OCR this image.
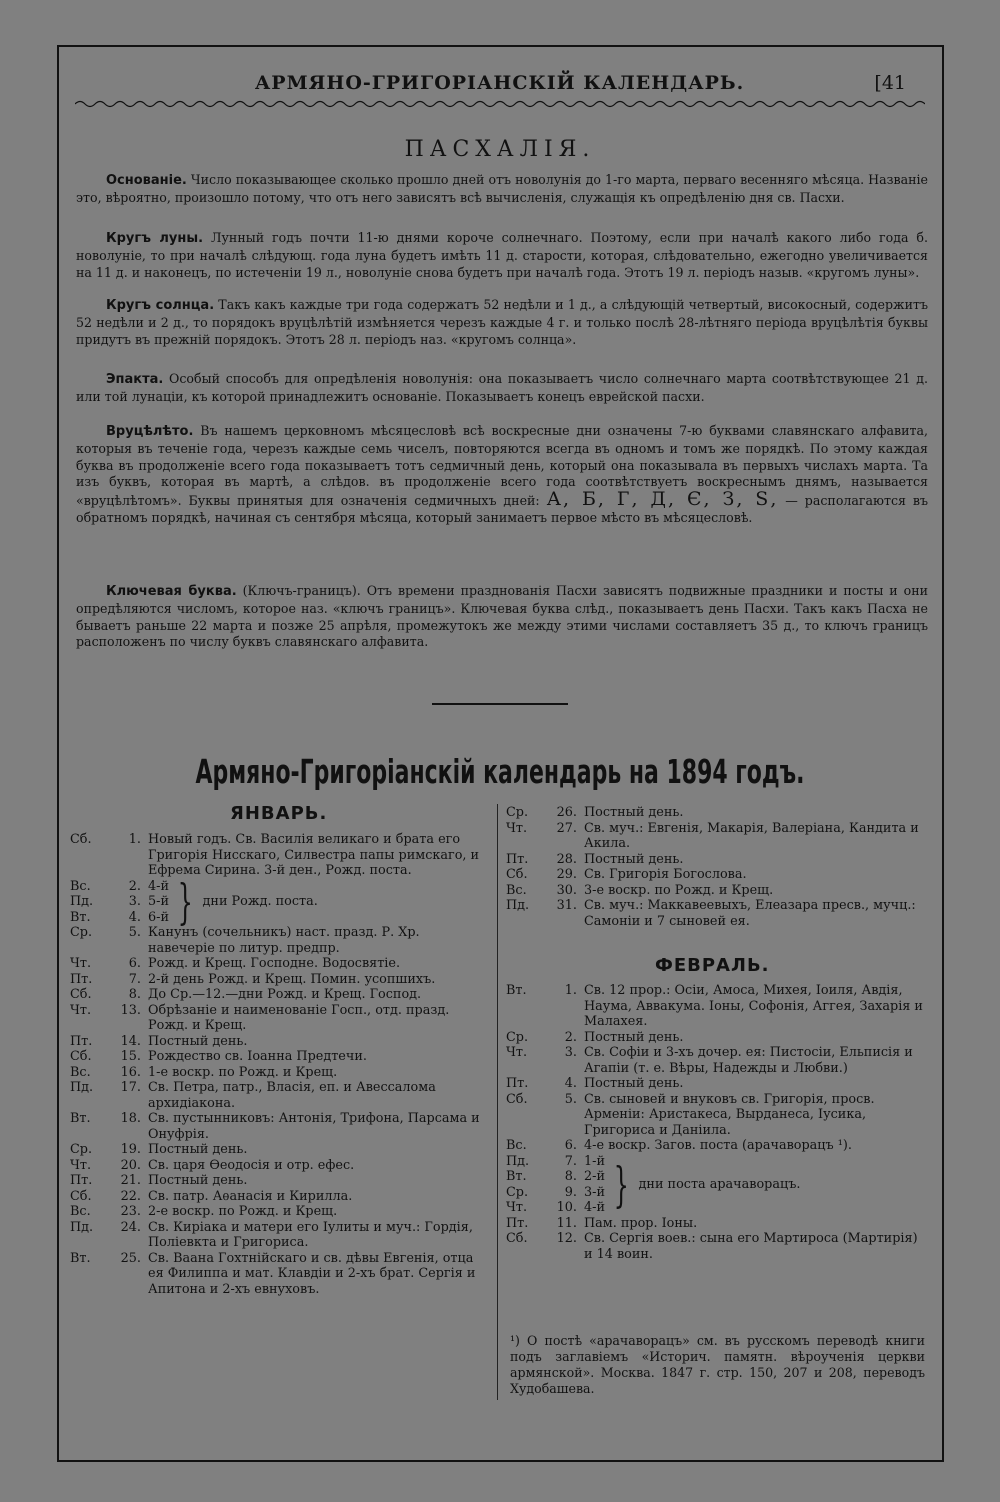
АРМЯНО-ГРИГОРІАНСКІЙ КАЛЕНДАРЬ.	[41
ПАСХАЛІЯ.
Основаніе. Число показывающее сколько прошло дней отъ новолунія до 1-го марта, перваго весенняго мѣсяца. Названіе это, вѣроятно, произошло потому, что отъ него зависятъ всѣ вычисленія, служащія къ опредѣленію дня св. Пасхи.
Кругъ луны. Лунный годъ почти 11-ю днями короче солнечнаго. Поэтому, если при началѣ какого либо года б. новолуніе, то при началѣ слѣдующ. года луна будетъ имѣть 11 д. старости, которая, слѣдовательно, ежегодно увеличивается на 11 д. и наконецъ, по истеченіи 19 л., новолуніе снова будетъ при началѣ года. Этотъ 19 л. періодъ назыв. «кругомъ луны».
Кругъ солнца. Такъ какъ каждые три года содержатъ 52 недѣли и 1 д., а слѣдующій четвертый, високосный, содержитъ 52 недѣли и 2 д., то порядокъ вруцѣлѣтій измѣняется черезъ каждые 4 г. и только послѣ 28-лѣтняго періода вруцѣлѣтія буквы придутъ въ прежній порядокъ. Этотъ 28 л. періодъ наз. «кругомъ солнца».
Эпакта. Особый способъ для опредѣленія новолунія: она показываетъ число солнечнаго марта соотвѣтствующее 21 д. или той лунаціи, къ которой принадлежитъ основаніе. Показываетъ конецъ еврейской пасхи.
Вруцѣлѣто. Въ нашемъ церковномъ мѣсяцесловѣ всѣ воскресные дни означены 7-ю буквами славянскаго алфавита, которыя въ теченіе года, черезъ каждые семь чиселъ, повторяются всегда въ одномъ и томъ же порядкѣ. По этому каждая буква въ продолженіе всего года показываетъ тотъ седмичный день, который она показывала въ первыхъ числахъ марта. Та изъ буквъ, которая въ мартѣ, а слѣдов. въ продолженіе всего года соотвѣтствуетъ воскреснымъ днямъ, называется «вруцѣлѣтомъ». Буквы принятыя для означенія седмичныхъ дней: А, Б, Г, Д, Є, З, Ѕ, — располагаются въ обратномъ порядкѣ, начиная съ сентября мѣсяца, который занимаетъ первое мѣсто въ мѣсяцесловѣ.
Ключевая буква. (Ключъ-границъ). Отъ времени празднованія Пасхи зависятъ подвижные праздники и посты и они опредѣляются числомъ, которое наз. «ключъ границъ». Ключевая буква слѣд., показываетъ день Пасхи. Такъ какъ Пасха не бываетъ раньше 22 марта и позже 25 апрѣля, промежутокъ же между этими числами составляетъ 35 д., то ключъ границъ расположенъ по числу буквъ славянскаго алфавита.
Армяно-Григоріанскій календарь на 1894 годъ.
ЯНВАРЬ.
Сб.	1. Новый годъ. Св. Василія великаго и брата его Григорія Нисскаго, Силвестра папы римскаго, и Ефрема Сирина. 3-й ден., Рожд. поста.
Вс.	2. 4-й
Пд.	3. 5-й
Вт.	4. 6-й } дни Рожд. поста.
Ср.	5. Канунъ (сочельникъ) наст. празд. Р. Хр. навечеріе по литур. предпр.
Чт.	6. Рожд. и Крещ. Господне. Водосвятіе.
Пт.	7. 2-й день Рожд. и Крещ. Помин. усопшихъ.
Сб.	8. До Ср.—12.—дни Рожд. и Крещ. Господ.
Чт.	13. Обрѣзаніе и наименованіе Госп., отд. празд. Рожд. и Крещ.
Пт.	14. Постный день.
Сб.	15. Рождество св. Іоанна Предтечи.
Вс.	16. 1-е воскр. по Рожд. и Крещ.
Пд.	17. Св. Петра, патр., Власія, еп. и Авессалома архидіакона.
Вт.	18. Св. пустынниковъ: Антонія, Трифона, Парсама и Онуфрія.
Ср.	19. Постный день.
Чт.	20. Св. царя Өеодосія и отр. ефес.
Пт.	21. Постный день.
Сб.	22. Св. патр. Аѳанасія и Кирилла.
Вс.	23. 2-е воскр. по Рожд. и Крещ.
Пд.	24. Св. Киріака и матери его Іулиты и муч.: Гордія, Поліевкта и Григориса.
Вт.	25. Св. Ваана Гохтнійскаго и св. дѣвы Евгенія, отца ея Филиппа и мат. Клавдіи и 2-хъ брат. Сергія и Апитона и 2-хъ евнуховъ.
Ср.	26. Постный день.
Чт.	27. Св. муч.: Евгенія, Макарія, Валеріана, Кандита и Акила.
Пт.	28. Постный день.
Сб.	29. Св. Григорія Богослова.
Вс.	30. 3-е воскр. по Рожд. и Крещ.
Пд.	31. Св. муч.: Маккавеевыхъ, Елеазара пресв., мучц.: Самоніи и 7 сыновей ея.
ФЕВРАЛЬ.
Вт.	1. Св. 12 прор.: Осіи, Амоса, Михея, Іоиля, Авдія, Наума, Аввакума. Іоны, Софонія, Аггея, Захарія и Малахея.
Ср.	2. Постный день.
Чт.	3. Св. Софіи и 3-хъ дочер. ея: Пистосіи, Ельписія и Агапіи (т. е. Вѣры, Надежды и Любви.)
Пт.	4. Постный день.
Сб.	5. Св. сыновей и внуковъ св. Григорія, просв. Арменіи: Аристакеса, Вырданеса, Іусика, Григориса и Даніила.
Вс.	6. 4-е воскр. Загов. поста (арачаворацъ ¹).
Пд.	7. 1-й
Вт.	8. 2-й
Ср.	9. 3-й
Чт.	10. 4-й } дни поста арачаворацъ.
Пт.	11. Пам. прор. Іоны.
Сб.	12. Св. Сергія воев.: сына его Мартироса (Мартирія) и 14 воин.
¹) О постѣ «арачаворацъ» см. въ русскомъ переводѣ книги подъ заглавіемъ «Историч. памятн. вѣроученія церкви армянской». Москва. 1847 г. стр. 150, 207 и 208, переводъ Худобашева.
